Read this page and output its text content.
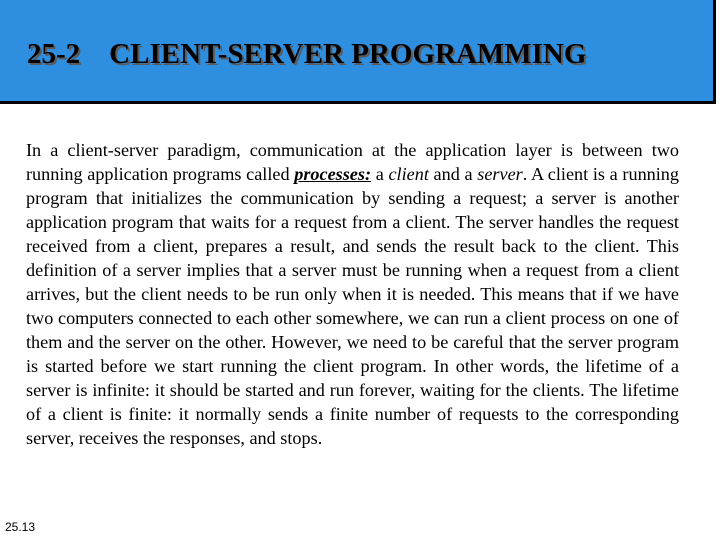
25-2 CLIENT-SERVER PROGRAMMING

In a client-server paradigm, communication at the application layer is between two running application programs called processes: a client and a server. A client is a running program that initializes the communication by sending a request; a server is another application program that waits for a request from a client. The server handles the request received from a client, prepares a result, and sends the result back to the client. This definition of a server implies that a server must be running when a request from a client arrives, but the client needs to be run only when it is needed. This means that if we have two computers connected to each other somewhere, we can run a client process on one of them and the server on the other. However, we need to be careful that the server program is started before we start running the client program. In other words, the lifetime of a server is infinite: it should be started and run forever, waiting for the clients. The lifetime of a client is finite: it normally sends a finite number of requests to the corresponding server, receives the responses, and stops.

25.13
